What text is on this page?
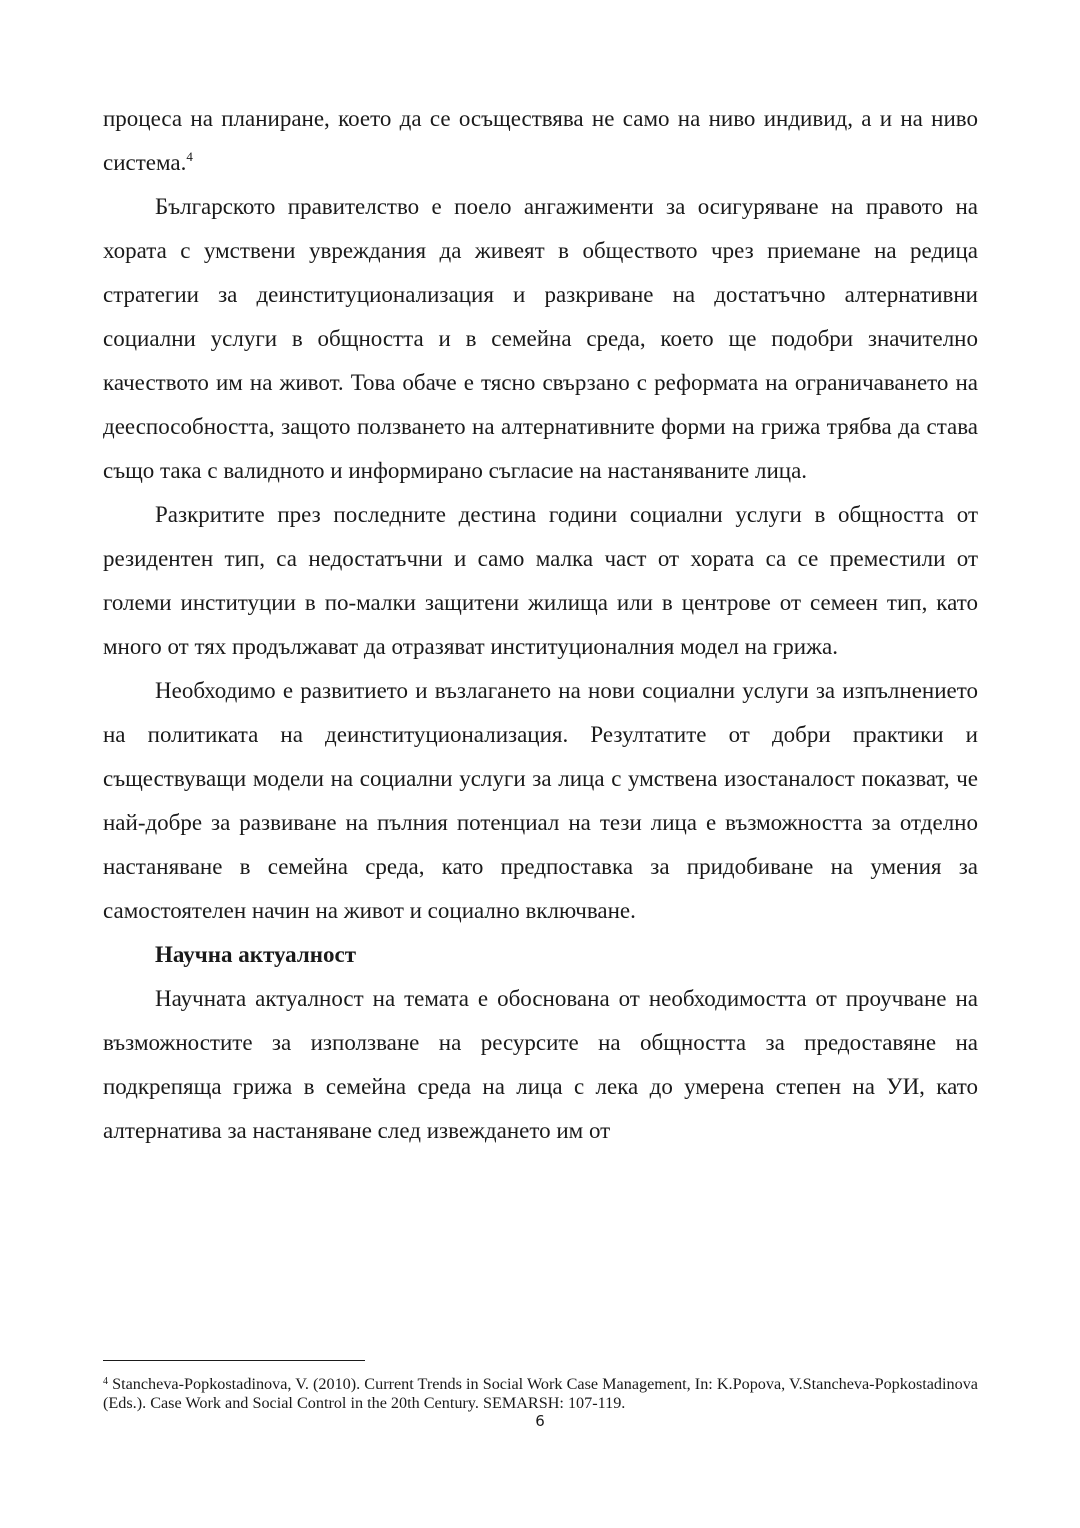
процеса на планиране, което да се осъществява не само на ниво индивид, а и на ниво система.$^4$

Българското правителство е поело ангажименти за осигуряване на правото на хората с умствени увреждания да живеят в обществото чрез приемане на редица стратегии за деинституционализация и разкриване на достатъчно алтернативни социални услуги в общността и в семейна среда, което ще подобри значително качеството им на живот. Това обаче е тясно свързано с реформата на ограничаването на дееспособността, защото ползването на алтернативните форми на грижа трябва да става също така с валидното и информирано съгласие на настаняваните лица.

Разкритите през последните дестина години социални услуги в общността от резидентен тип, са недостатъчни и само малка част от хората са се преместили от големи институции в по-малки защитени жилища или в центрове от семеен тип, като много от тях продължават да отразяват институционалния модел на грижа.

Необходимо е развитието и възлагането на нови социални услуги за изпълнението на политиката на деинституционализация. Резултатите от добри практики и съществуващи модели на социални услуги за лица с умствена изостаналост показват, че най-добре за развиване на пълния потенциал на тези лица е възможността за отделно настаняване в семейна среда, като предпоставка за придобиване на умения за самостоятелен начин на живот и социално включване.

Научна актуалност

Научната актуалност на темата е обоснована от необходимостта от проучване на възможностите за използване на ресурсите на общността за предоставяне на подкрепяща грижа в семейна среда на лица с лека до умерена степен на УИ, като алтернатива за настаняване след извеждането им от

$^4$ Stancheva-Popkostadinova, V. (2010). Current Trends in Social Work Case Management, In: K.Popova, V.Stancheva-Popkostadinova (Eds.). Case Work and Social Control in the 20th Century. SEMARSH: 107-119.
6
